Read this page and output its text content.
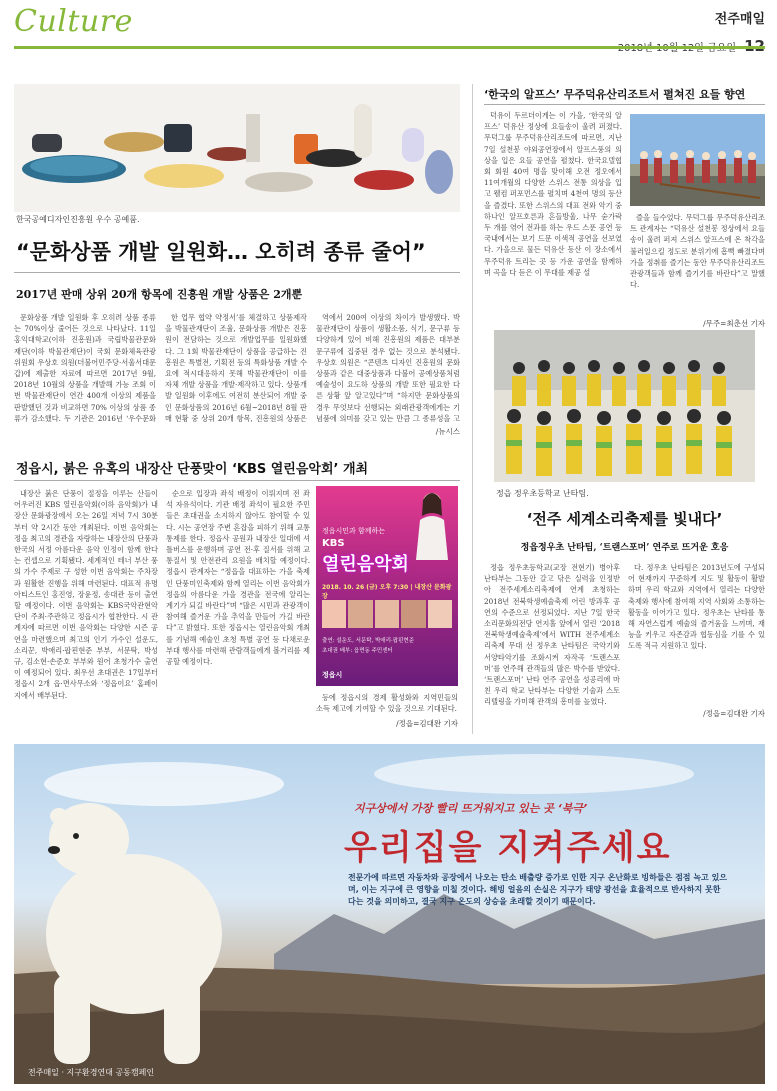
Culture	전주매일
한국공예디자인진흥원 우수 공예품.
“문화상품 개발 일원화… 오히려 종류 줄어”
2017년 판매 상위 20개 항목에 진흥원 개발 상품은 2개뿐

문화상품 개발 일원화 후 오히려 상품 종류는 70%이상 줄어든 것으로 나타났다. 11일 홍익대학교(이하 진흥원)과 국립박물관문화재단(이하 박물관재단)이 국회 문화체육관광위원회 우상호 의원(더불어민주당·서울서대문 갑)에 제출한 자료에 따르면 2017년 9월, 2018년 10월의 상품을 개발해 가능 조회 이번 박물관재단이 연간 400개 이상의 제품을 판발했던 것과 비교하면 70% 이상의 상품 종류가 감소했다. 두 기관은 2016년 ‘우수문화

한 업무 협약 약정서’를 체결하고 상품제작을 박물관재단이 조율, 문화상품 개발은 진흥원이 전담하는 것으로 개발업무를 일원화했다. 그 1회 박물관재단이 상품을 공급하는 진흥원은 특별전, 기획전 등의 특화상품 개발 수요에 적시대응하지 못해 박물관재단이 이를 자체 개발 상품을 개발·제작하고 있다. 상품개발 일원화 이후에도 여전히 분산되어 개발 중인 문화상품의 2016년 6월~2018년 8월 판매 현황 중 상위 20개 항목, 진흥원의 상품은

역에서 200여 이상의 차이가 발생했다. 박물관재단이 상품이 생활소품, 식기, 문구류 등 다양하게 있어 비해 진흥원의 제품은 대부분 문구류에 집중된 경우 없는 것으로 분석됐다. 우상호 의원은 “콘텐츠 디자인 진흥원의 문화상품과 같은 대중상품과 다불어 공예상품처럼 예술성이 요도하 상품의 개발 또한 필요한 다른 상황 앞 알고있다”며 “하지만 문화상품의 경우 무엇보다 선행되는 외래관광객에게는 기념품에 의미를 갖고 있는 만큼 그 종류성을 고

/뉴시스
‘한국의 알프스’ 무주덕유산리조트서 펼쳐진 요들 향연

덕유이 두르더이게는 이 가을, ‘한국의 알프스’ 덕유산 정상에 요들송이 울려 퍼졌다. 무덕그룹 무주덕유산리조트에 따르면, 지난 7일 설천봉 야외공연장에서 알프스풍의 의상을 입은 요들 공연을 펼쳤다. 한국요델협회 회원 40여 명을 맞이해 오전 정오에서 11여개월의 다양한 스위스 전통 의상을 입고 웰컴 퍼포먼스를 펼치며 4천여 명의 등산을 즐겼다. 또한 스위스의 대표 전와 악기 중 하나인 알프호른과 흔들방울, 나무 숟가락 두 개를 엮어 전과를 하는 우드 스푼 공연 등 국내에서는 보기 드문 이색적 공연을 선보였다. 가을으로 물든 덕유산 동산 이 장소에서 무주덕유 트리는 곳 등 가운 공연을 함께하며 곡을 다 듣은 이 무대를 제공 설

즐을 들수었다. 무덕그룹 무주덕유산리조트 관계자는 “덕유산 설천봉 정상에서 요들송이 울려 퍼져 스위스 알프스에 온 착각을 불러일으킬 정도로 분위기에 흠뻑 빠졌다며 가을 정취를 즐기는 동안 무주덕유산리조트 관광객들과 함께 즐기기를 바란다”고 말했다.

/무주=최춘선 기자
정읍 정우초등학교 난타팀.
‘전주 세계소리축제를 빛내다’
정읍정우초 난타팀, ‘트랜스포머’ 연주로 뜨거운 호응

정읍 정우초등학교(교장 전현기) 병아후 난타부는 그동안 갈고 닦은 실력을 인정받아 전주세계소리축제에 연계 초청하는 2018년 전북학생예술축제 어린 방과후 공연의 수준으로 선정되었다. 지난 7일 한국소리문화의전당 연지홀 앞에서 열린 ‘2018 전북학생예술축제’에서 WITH 전주세계소리축제 무대 선 정우초 난타팀은 국악기와 서양타악기를 조화시켜 자작곡 ‘트랜스포머’를 연주해 관객들의 많은 박수를 받았다. ‘트랜스포머’ 난타 연주 공연을 성공리에 마친 우리 학교 난타부는 다양한 기술과 스토리텔링을 가미해 관객의 흥미를 높였다.

다. 정우초 난타팀은 2013년도에 구성되어 현재까지 꾸준하게 지도 및 활동이 활발하며 우리 학교와 지역에서 열리는 다양한 축제와 행사에 참여해 지역 사회와 소통하는 활동을 이어가고 있다. 정우초는 난타를 통해 자연스럽게 예술의 즐거움을 느끼며, 재능을 키우고 자존감과 협동심을 기를 수 있도록 적극 지원하고 있다.

/정읍=김대완 기자
정읍시, 붉은 유혹의 내장산 단풍맞이 ‘KBS 열린음악회’ 개최

내장산 붉은 단풍이 절정을 이루는 산들이 어우러진 KBS 열린음악회(이하 음악회)가 내장산 문화광장에서 오는 26일 저녁 7시 30분부터 약 2시간 동안 개최된다. 이번 음악회는 정읍 최고의 경관을 자랑하는 내장산의 단풍과 한국의 서정 아름다운 음악 인정이 함께 한다는 컨셉으로 기획됐다. 세계적인 테너 부산 풍의 가수 주제로 구 성한 이번 음악회는 주차장과 원활한 진행을 위해 마련된다. 대표적 유명 아티스트인 홍진영, 장윤정, 송대관 등이 출연할 예정이다. 이번 음악회는 KBS국악관현악단이 주최·주관하고 정읍시가 협찬한다. 시 관계자에 따르면 이번 음악회는 다양한 시즌 공연을 마련했으며 최고의 인기 가수인 설운도, 소리꾼, 박애리·팝핀현준 부부, 서문탁, 박성규, 김소현·손준호 부부와 원어 초청가수 출연이 예정되어 있다. 최우선 초대권은 17일부터 정읍시 2개 읍·면사무소와 ‘정읍이요’ 홈페이지에서 배부된다.

순으로 입장과 좌석 배정이 이뤄지며 전 좌석 자유석이다. 기관 배정 좌석이 필요한 주민들은 초대권을 소지하지 않아도 참여할 수 있다. 시는 공연장 주변 혼잡을 피하기 위해 교통통제를 한다. 정읍사 공원과 내장산 일대에 셔틀버스를 운행하며 공연 전·후 질서를 위해 교통질서 및 안전관리 요원을 배치할 예정이다. 정읍시 관계자는 “정읍을 대표하는 가을 축제인 단풍미인축제와 함께 열리는 이번 음악회가 정읍의 아름다운 가을 경관을 전국에 알리는 계기가 되길 바란다”며 “많은 시민과 관광객이 참여해 즐거운 가을 추억을 만들어 가길 바란다”고 밝혔다. 또한 정읍시는 열린음악회 개최를 기념해 예술인 초청 특별 공연 등 다채로운 부대 행사를 마련해 관람객들에게 볼거리를 제공할 예정이다.

정읍시민과 함께하는
KBS
열린음악회
2018. 10. 26 (금) 오후 7:30 | 내장산 문화광장
출연: 설운도, 서문탁, 박애리·팝핀현준
초대권 배부: 읍면동 주민센터
정읍시

등에 정읍시의 경제 활성화와 지역민들의 소득 제고에 기여할 수 있을 것으로 기대된다.

/정읍=김대완 기자
지구상에서 가장 빨리 뜨거워지고 있는 곳 ‘북극’
우리집을 지켜주세요
전문가에 따르면 자동차와 공장에서 나오는 탄소 배출량 증가로 인한 지구 온난화로 빙하들은 점점 녹고 있으며, 이는 지구에 큰 영향을 미칠 것이다. 해빙 얼음의 손실은 지구가 태양 광선을 효율적으로 반사하지 못한다는 것을 의미하고, 결국 지구 온도의 상승을 초래할 것이기 때문이다.
전주매일 · 지구환경연대 공동캠페인
